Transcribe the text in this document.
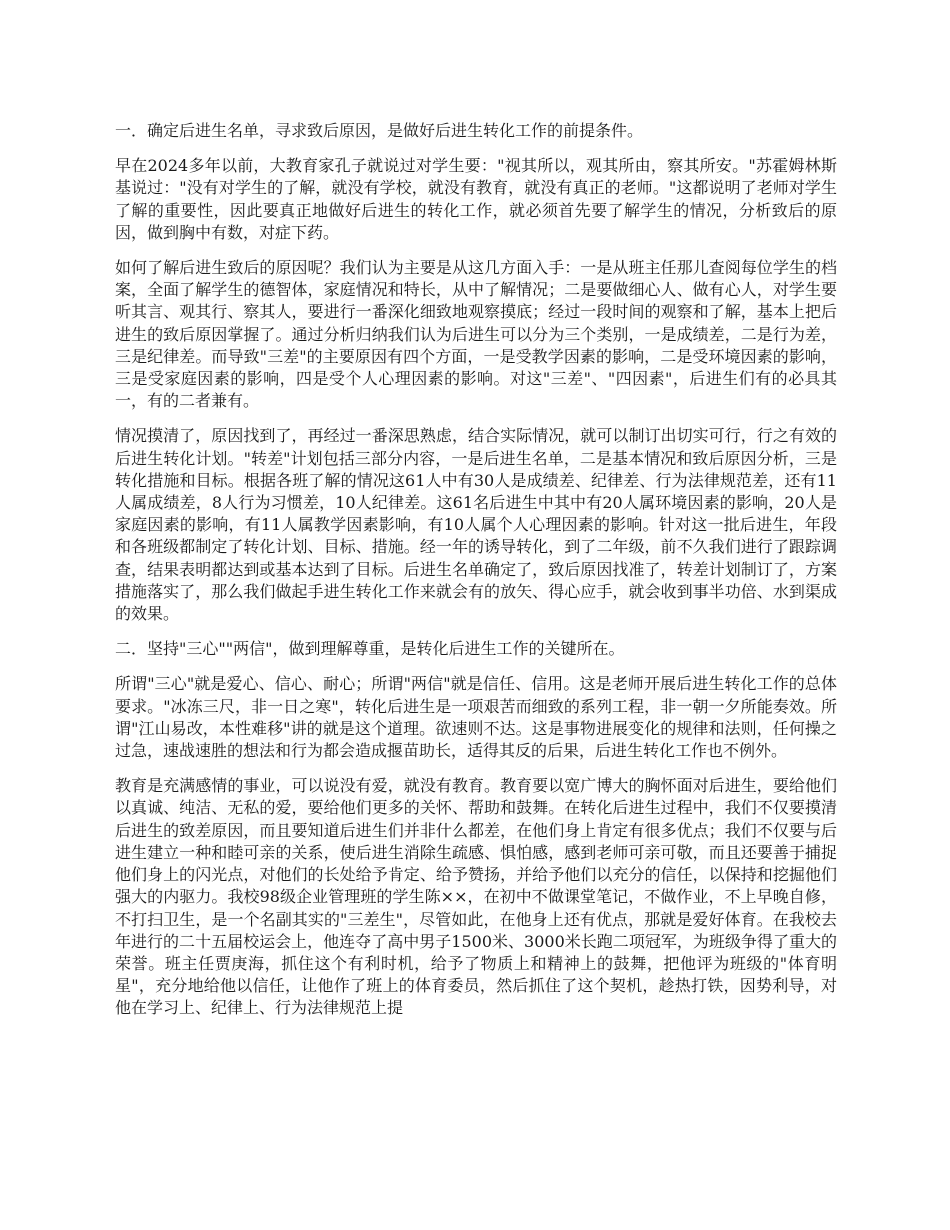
一．确定后进生名单，寻求致后原因，是做好后进生转化工作的前提条件。

早在2024多年以前，大教育家孔子就说过对学生要："视其所以，观其所由，察其所安。"苏霍姆林斯基说过："没有对学生的了解，就没有学校，就没有教育，就没有真正的老师。"这都说明了老师对学生了解的重要性，因此要真正地做好后进生的转化工作，就必须首先要了解学生的情况，分析致后的原因，做到胸中有数，对症下药。

如何了解后进生致后的原因呢？我们认为主要是从这几方面入手：一是从班主任那儿查阅每位学生的档案，全面了解学生的德智体，家庭情况和特长，从中了解情况；二是要做细心人、做有心人，对学生要听其言、观其行、察其人，要进行一番深化细致地观察摸底；经过一段时间的观察和了解，基本上把后进生的致后原因掌握了。通过分析归纳我们认为后进生可以分为三个类别，一是成绩差，二是行为差，三是纪律差。而导致"三差"的主要原因有四个方面，一是受教学因素的影响，二是受环境因素的影响，三是受家庭因素的影响，四是受个人心理因素的影响。对这"三差"、"四因素"，后进生们有的必具其一，有的二者兼有。

情况摸清了，原因找到了，再经过一番深思熟虑，结合实际情况，就可以制订出切实可行，行之有效的后进生转化计划。"转差"计划包括三部分内容，一是后进生名单，二是基本情况和致后原因分析，三是转化措施和目标。根据各班了解的情况这61人中有30人是成绩差、纪律差、行为法律规范差，还有11人属成绩差，8人行为习惯差，10人纪律差。这61名后进生中其中有20人属环境因素的影响，20人是家庭因素的影响，有11人属教学因素影响，有10人属个人心理因素的影响。针对这一批后进生，年段和各班级都制定了转化计划、目标、措施。经一年的诱导转化，到了二年级，前不久我们进行了跟踪调查，结果表明都达到或基本达到了目标。后进生名单确定了，致后原因找准了，转差计划制订了，方案措施落实了，那么我们做起手进生转化工作来就会有的放矢、得心应手，就会收到事半功倍、水到渠成的效果。

二．坚持"三心""两信"，做到理解尊重，是转化后进生工作的关键所在。

所谓"三心"就是爱心、信心、耐心；所谓"两信"就是信任、信用。这是老师开展后进生转化工作的总体要求。"冰冻三尺，非一日之寒"，转化后进生是一项艰苦而细致的系列工程，非一朝一夕所能奏效。所谓"江山易改，本性难移"讲的就是这个道理。欲速则不达。这是事物进展变化的规律和法则，任何操之过急，速战速胜的想法和行为都会造成揠苗助长，适得其反的后果，后进生转化工作也不例外。

教育是充满感情的事业，可以说没有爱，就没有教育。教育要以宽广博大的胸怀面对后进生，要给他们以真诚、纯洁、无私的爱，要给他们更多的关怀、帮助和鼓舞。在转化后进生过程中，我们不仅要摸清后进生的致差原因，而且要知道后进生们并非什么都差，在他们身上肯定有很多优点；我们不仅要与后进生建立一种和睦可亲的关系，使后进生消除生疏感、惧怕感，感到老师可亲可敬，而且还要善于捕捉他们身上的闪光点，对他们的长处给予肯定、给予赞扬，并给予他们以充分的信任，以保持和挖掘他们强大的内驱力。我校98级企业管理班的学生陈××，在初中不做课堂笔记，不做作业，不上早晚自修，不打扫卫生，是一个名副其实的"三差生"，尽管如此，在他身上还有优点，那就是爱好体育。在我校去年进行的二十五届校运会上，他连夺了高中男子1500米、3000米长跑二项冠军，为班级争得了重大的荣誉。班主任贾庚海，抓住这个有利时机，给予了物质上和精神上的鼓舞，把他评为班级的"体育明星"，充分地给他以信任，让他作了班上的体育委员，然后抓住了这个契机，趁热打铁，因势利导，对他在学习上、纪律上、行为法律规范上提
